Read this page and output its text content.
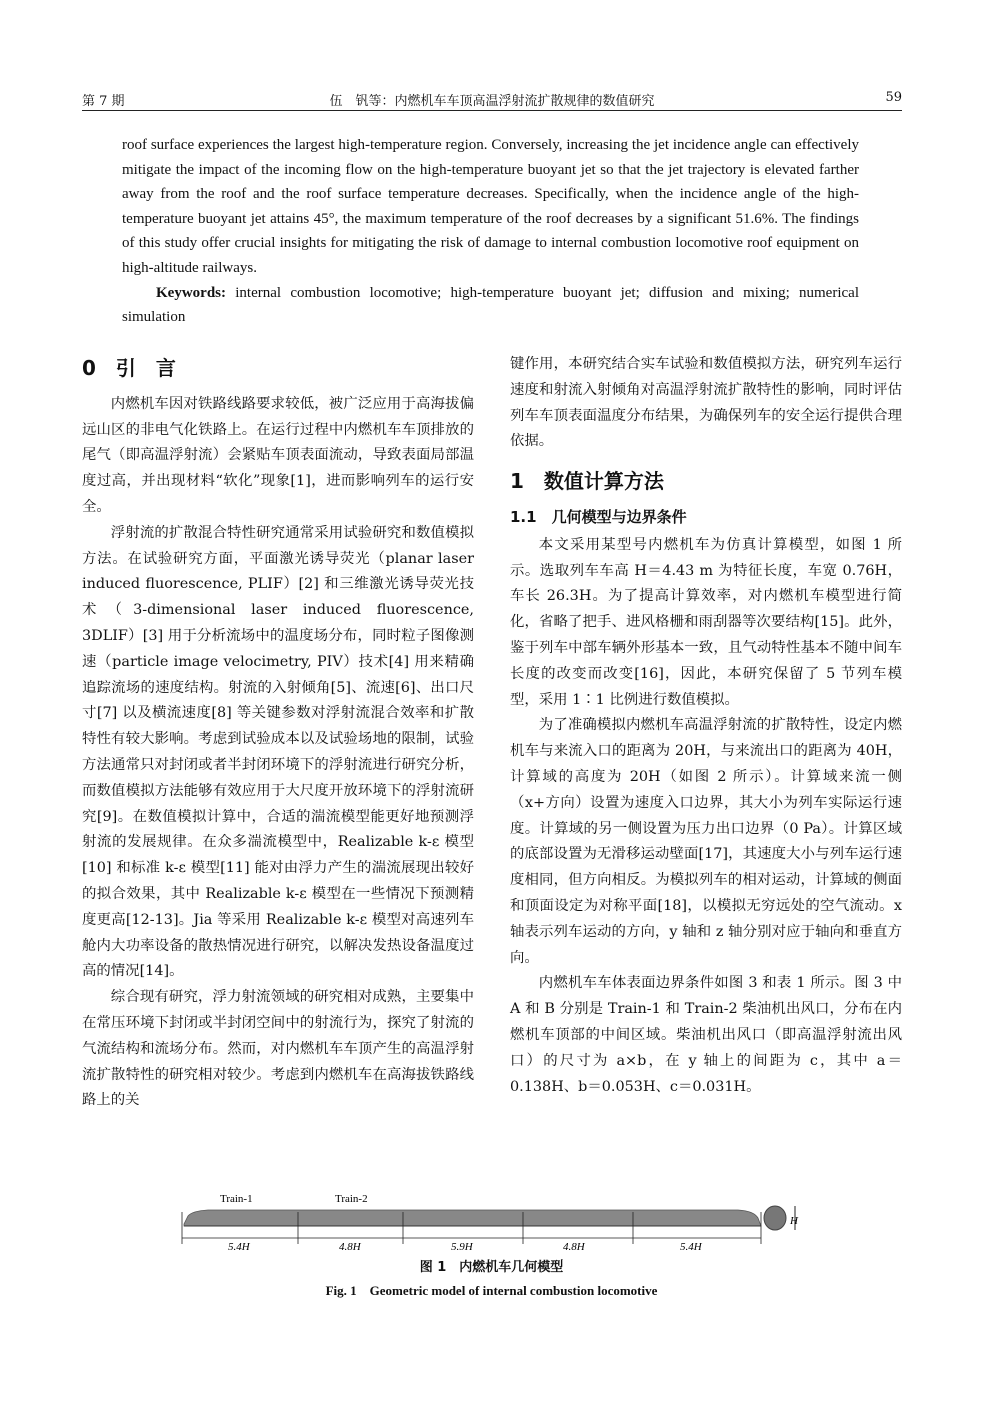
第 7 期	伍　钒等：内燃机车车顶高温浮射流扩散规律的数值研究	59

roof surface experiences the largest high-temperature region. Conversely, increasing the jet incidence angle can effectively mitigate the impact of the incoming flow on the high-temperature buoyant jet so that the jet trajectory is elevated farther away from the roof and the roof surface temperature decreases. Specifically, when the incidence angle of the high-temperature buoyant jet attains 45°, the maximum temperature of the roof decreases by a significant 51.6%. The findings of this study offer crucial insights for mitigating the risk of damage to internal combustion locomotive roof equipment on high-altitude railways.

Keywords: internal combustion locomotive; high-temperature buoyant jet; diffusion and mixing; numerical simulation

0　引　言

内燃机车因对铁路线路要求较低，被广泛应用于高海拔偏远山区的非电气化铁路上。在运行过程中内燃机车车顶排放的尾气（即高温浮射流）会紧贴车顶表面流动，导致表面局部温度过高，并出现材料“软化”现象[1]，进而影响列车的运行安全。

浮射流的扩散混合特性研究通常采用试验研究和数值模拟方法。在试验研究方面，平面激光诱导荧光（planar laser induced fluorescence, PLIF）[2] 和三维激光诱导荧光技术（3-dimensional laser induced fluorescence, 3DLIF）[3] 用于分析流场中的温度场分布，同时粒子图像测速（particle image velocimetry, PIV）技术[4] 用来精确追踪流场的速度结构。射流的入射倾角[5]、流速[6]、出口尺寸[7] 以及横流速度[8] 等关键参数对浮射流混合效率和扩散特性有较大影响。考虑到试验成本以及试验场地的限制，试验方法通常只对封闭或者半封闭环境下的浮射流进行研究分析，而数值模拟方法能够有效应用于大尺度开放环境下的浮射流研究[9]。在数值模拟计算中，合适的湍流模型能更好地预测浮射流的发展规律。在众多湍流模型中，Realizable k-ε 模型[10] 和标准 k-ε 模型[11] 能对由浮力产生的湍流展现出较好的拟合效果，其中 Realizable k-ε 模型在一些情况下预测精度更高[12-13]。Jia 等采用 Realizable k-ε 模型对高速列车舱内大功率设备的散热情况进行研究，以解决发热设备温度过高的情况[14]。

综合现有研究，浮力射流领域的研究相对成熟，主要集中在常压环境下封闭或半封闭空间中的射流行为，探究了射流的气流结构和流场分布。然而，对内燃机车车顶产生的高温浮射流扩散特性的研究相对较少。考虑到内燃机车在高海拔铁路线路上的关

键作用，本研究结合实车试验和数值模拟方法，研究列车运行速度和射流入射倾角对高温浮射流扩散特性的影响，同时评估列车车顶表面温度分布结果，为确保列车的安全运行提供合理依据。

1　数值计算方法
1.1　几何模型与边界条件

本文采用某型号内燃机车为仿真计算模型，如图 1 所示。选取列车车高 H＝4.43 m 为特征长度，车宽 0.76H，车长 26.3H。为了提高计算效率，对内燃机车模型进行简化，省略了把手、进风格栅和雨刮器等次要结构[15]。此外，鉴于列车中部车辆外形基本一致，且气动特性基本不随中间车长度的改变而改变[16]，因此，本研究保留了 5 节列车模型，采用 1∶1 比例进行数值模拟。

为了准确模拟内燃机车高温浮射流的扩散特性，设定内燃机车与来流入口的距离为 20H，与来流出口的距离为 40H，计算域的高度为 20H（如图 2 所示）。计算域来流一侧（x+方向）设置为速度入口边界，其大小为列车实际运行速度。计算域的另一侧设置为压力出口边界（0 Pa）。计算区域的底部设置为无滑移运动壁面[17]，其速度大小与列车运行速度相同，但方向相反。为模拟列车的相对运动，计算域的侧面和顶面设定为对称平面[18]，以模拟无穷远处的空气流动。x 轴表示列车运动的方向，y 轴和 z 轴分别对应于轴向和垂直方向。

内燃机车车体表面边界条件如图 3 和表 1 所示。图 3 中 A 和 B 分别是 Train-1 和 Train-2 柴油机出风口，分布在内燃机车顶部的中间区域。柴油机出风口（即高温浮射流出风口）的尺寸为 a×b，在 y 轴上的间距为 c，其中 a＝0.138H、b＝0.053H、c＝0.031H。

Train-1	Train-2
H
5.4H	4.8H	5.9H	4.8H	5.4H
图 1　内燃机车几何模型
Fig. 1　Geometric model of internal combustion locomotive
